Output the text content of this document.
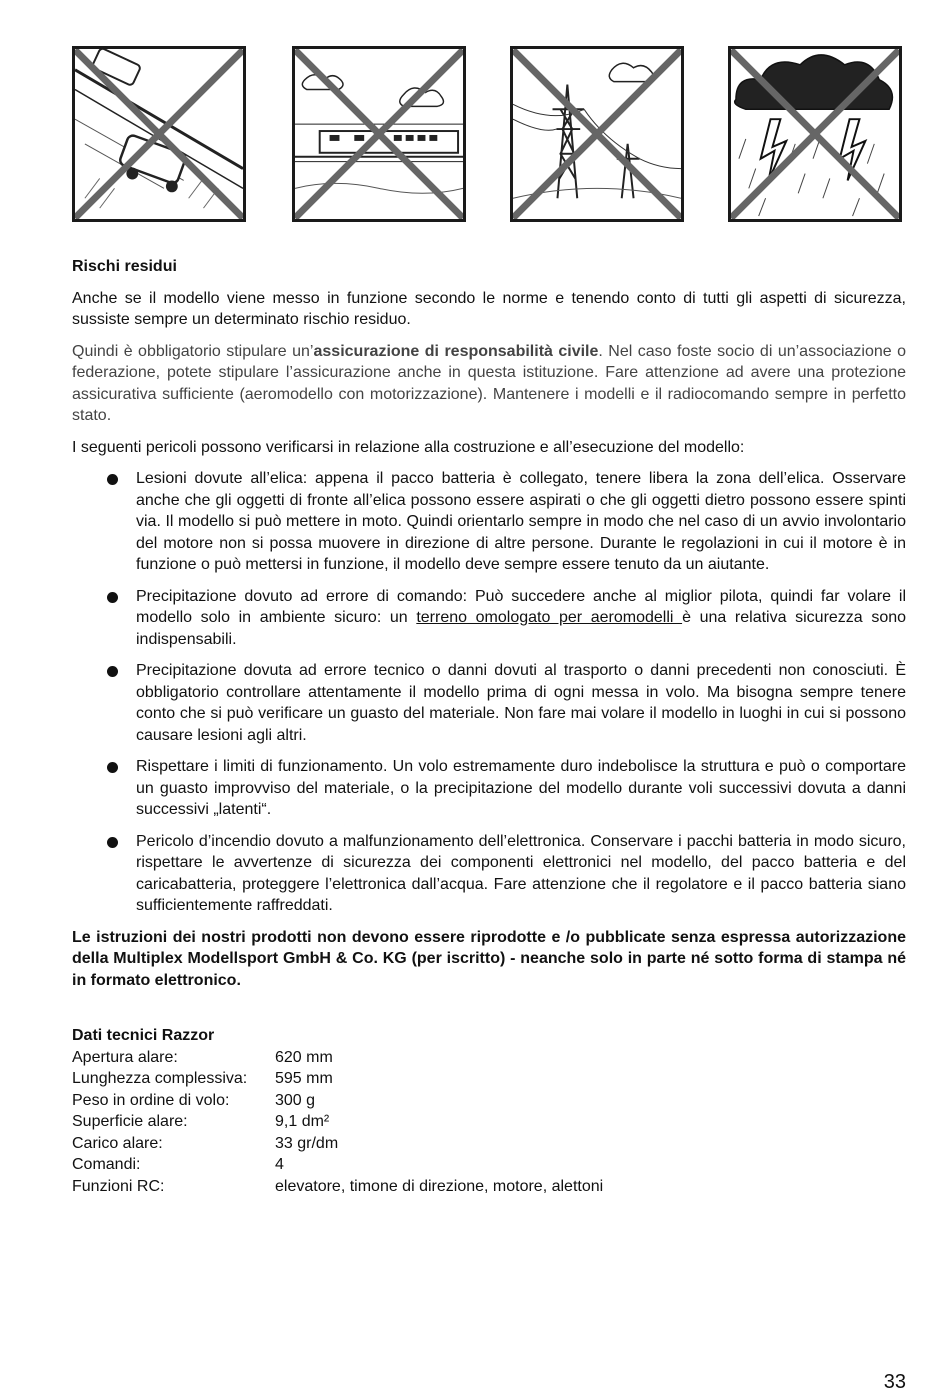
Rischi residui

Anche se il modello viene messo in funzione secondo le norme e tenendo conto di tutti gli aspetti di sicurezza, sussiste sempre un determinato rischio residuo.

Quindi è obbligatorio stipulare un’assicurazione di responsabilità civile. Nel caso foste socio di un’associazione o federazione, potete stipulare l’assicurazione anche in questa istituzione. Fare attenzione ad avere una protezione assicurativa sufficiente (aeromodello con motorizzazione). Mantenere i modelli e il radiocomando sempre in perfetto stato.

I seguenti pericoli possono verificarsi in relazione alla costruzione e all’esecuzione del modello:

Lesioni dovute all’elica: appena il pacco batteria è collegato, tenere libera la zona dell’elica. Osservare anche che gli oggetti di fronte all’elica possono essere aspirati o che gli oggetti dietro possono essere spinti via. Il modello si può mettere in moto. Quindi orientarlo sempre in modo che nel caso di un avvio involontario del motore non si possa muovere in direzione di altre persone. Durante le regolazioni in cui il motore è in funzione o può mettersi in funzione, il modello deve sempre essere tenuto da un aiutante.
Precipitazione dovuto ad errore di comando: Può succedere anche al miglior pilota, quindi far volare il modello solo in ambiente sicuro: un terreno omologato per aeromodelli è una relativa sicurezza sono indispensabili.
Precipitazione dovuta ad errore tecnico o danni dovuti al trasporto o danni precedenti non conosciuti. È obbligatorio controllare attentamente il modello prima di ogni messa in volo. Ma bisogna sempre tenere conto che si può verificare un guasto del materiale. Non fare mai volare il modello in luoghi in cui si possono causare lesioni agli altri.
Rispettare i limiti di funzionamento. Un volo estremamente duro indebolisce la struttura e può o comportare un guasto improvviso del materiale, o la precipitazione del modello durante voli successivi dovuta a danni successivi „latenti“.
Pericolo d’incendio dovuto a malfunzionamento dell’elettronica. Conservare i pacchi batteria in modo sicuro, rispettare le avvertenze di sicurezza dei componenti elettronici nel modello, del pacco batteria e del caricabatteria, proteggere l’elettronica dall’acqua. Fare attenzione che il regolatore e il pacco batteria siano sufficientemente raffreddati.

Le istruzioni dei nostri prodotti non devono essere riprodotte e /o pubblicate senza espressa autorizzazione della Multiplex Modellsport GmbH & Co. KG (per iscritto) - neanche solo in parte né sotto forma di stampa né in formato elettronico.

Dati tecnici Razzor
Apertura alare:	620 mm
Lunghezza complessiva:	595 mm
Peso in ordine di volo:	300 g
Superficie alare:	9,1 dm²
Carico alare:	33 gr/dm
Comandi:	4
Funzioni RC:	elevatore, timone di direzione, motore, alettoni
33
